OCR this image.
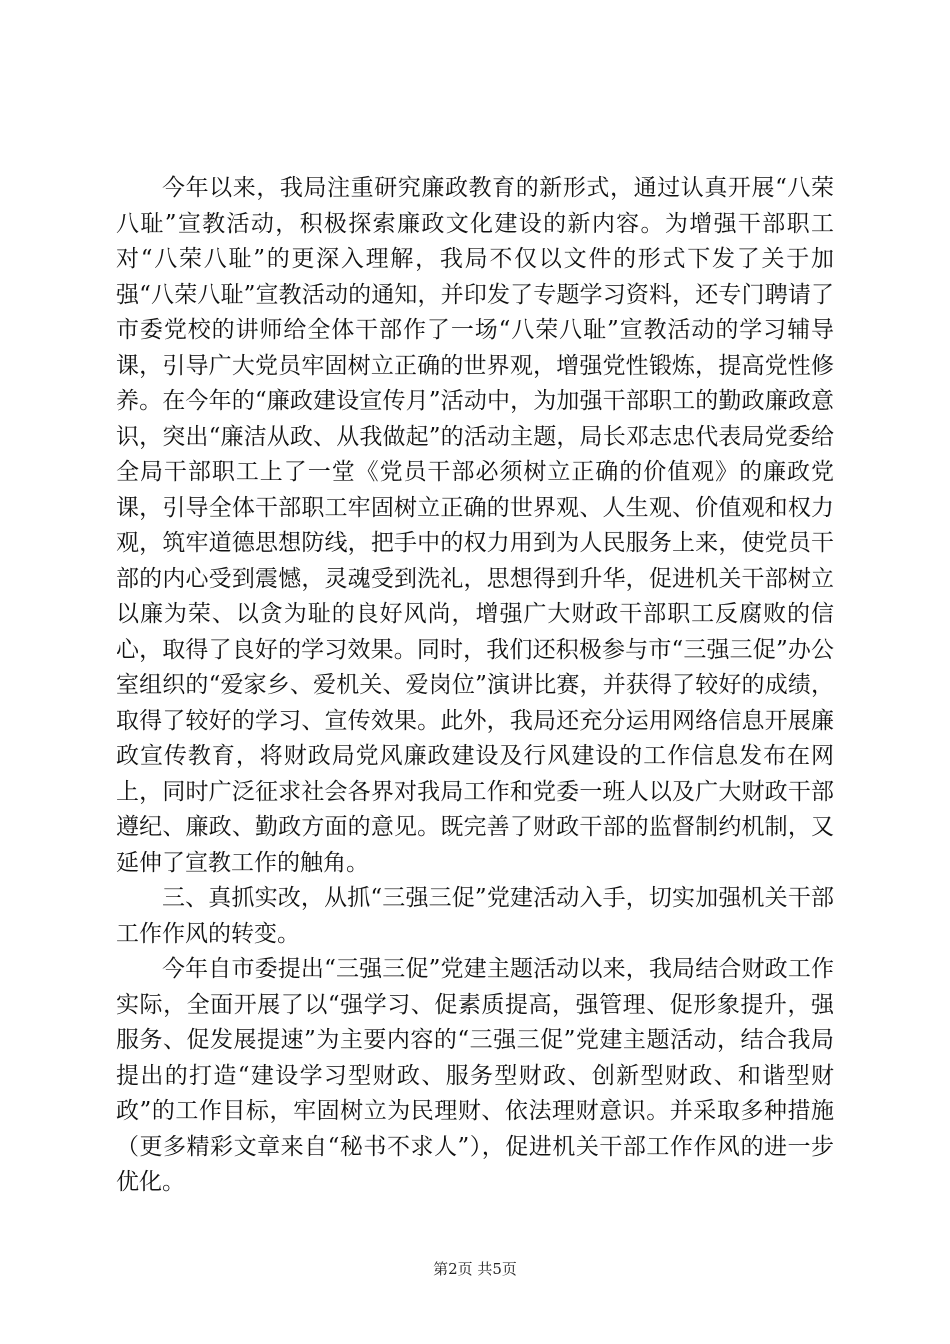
今年以来，我局注重研究廉政教育的新形式，通过认真开展“八荣八耻”宣教活动，积极探索廉政文化建设的新内容。为增强干部职工对“八荣八耻”的更深入理解，我局不仅以文件的形式下发了关于加强“八荣八耻”宣教活动的通知，并印发了专题学习资料，还专门聘请了市委党校的讲师给全体干部作了一场“八荣八耻”宣教活动的学习辅导课，引导广大党员牢固树立正确的世界观，增强党性锻炼，提高党性修养。在今年的“廉政建设宣传月”活动中，为加强干部职工的勤政廉政意识，突出“廉洁从政、从我做起”的活动主题，局长邓志忠代表局党委给全局干部职工上了一堂《党员干部必须树立正确的价值观》的廉政党课，引导全体干部职工牢固树立正确的世界观、人生观、价值观和权力观，筑牢道德思想防线，把手中的权力用到为人民服务上来，使党员干部的内心受到震憾，灵魂受到洗礼，思想得到升华，促进机关干部树立以廉为荣、以贪为耻的良好风尚，增强广大财政干部职工反腐败的信心，取得了良好的学习效果。同时，我们还积极参与市“三强三促”办公室组织的“爱家乡、爱机关、爱岗位”演讲比赛，并获得了较好的成绩，取得了较好的学习、宣传效果。此外，我局还充分运用网络信息开展廉政宣传教育，将财政局党风廉政建设及行风建设的工作信息发布在网上，同时广泛征求社会各界对我局工作和党委一班人以及广大财政干部遵纪、廉政、勤政方面的意见。既完善了财政干部的监督制约机制，又延伸了宣教工作的触角。

三、真抓实改，从抓“三强三促”党建活动入手，切实加强机关干部工作作风的转变。

今年自市委提出“三强三促”党建主题活动以来，我局结合财政工作实际，全面开展了以“强学习、促素质提高，强管理、促形象提升，强服务、促发展提速”为主要内容的“三强三促”党建主题活动，结合我局提出的打造“建设学习型财政、服务型财政、创新型财政、和谐型财政”的工作目标，牢固树立为民理财、依法理财意识。并采取多种措施（更多精彩文章来自“秘书不求人”），促进机关干部工作作风的进一步优化。

第2页 共5页
